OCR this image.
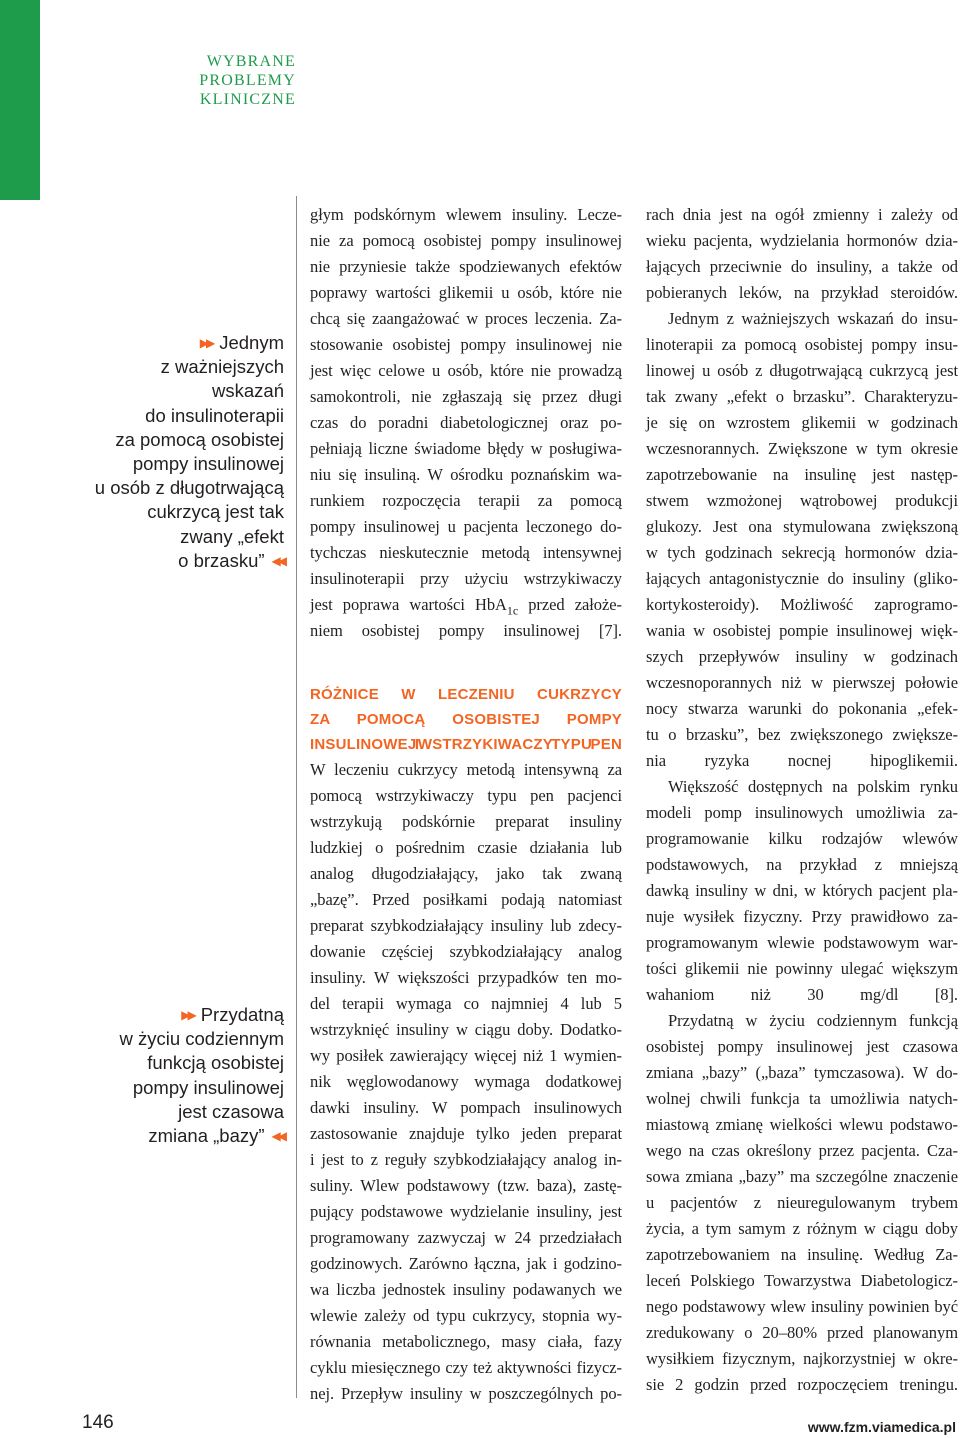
WYBRANE
PROBLEMY
KLINICZNE
▶▶ Jednym
z ważniejszych
wskazań
do insulinoterapii
za pomocą osobistej
pompy insulinowej
u osób z długotrwającą
cukrzycą jest tak
zwany „efekt
o brzasku” ◀◀
▶▶ Przydatną
w życiu codziennym
funkcją osobistej
pompy insulinowej
jest czasowa
zmiana „bazy” ◀◀

głym podskórnym wlewem insuliny. Lecze-
nie za pomocą osobistej pompy insulinowej
nie przyniesie także spodziewanych efektów
poprawy wartości glikemii u osób, które nie
chcą się zaangażować w proces leczenia. Za-
stosowanie osobistej pompy insulinowej nie
jest więc celowe u osób, które nie prowadzą
samokontroli, nie zgłaszają się przez długi
czas do poradni diabetologicznej oraz po-
pełniają liczne świadome błędy w posługiwa-
niu się insuliną. W ośrodku poznańskim wa-
runkiem rozpoczęcia terapii za pomocą
pompy insulinowej u pacjenta leczonego do-
tychczas nieskutecznie metodą intensywnej
insulinoterapii przy użyciu wstrzykiwaczy
jest poprawa wartości HbA$_{1c}$ przed założe-
niem osobistej pompy insulinowej [7].

RÓŻNICE W LECZENIU CUKRZYCY
ZA POMOCĄ OSOBISTEJ POMPY
INSULINOWEJ I WSTRZYKIWACZY TYPU PEN

W leczeniu cukrzycy metodą intensywną za
pomocą wstrzykiwaczy typu pen pacjenci
wstrzykują podskórnie preparat insuliny
ludzkiej o pośrednim czasie działania lub
analog długodziałający, jako tak zwaną
„bazę”. Przed posiłkami podają natomiast
preparat szybkodziałający insuliny lub zdecy-
dowanie częściej szybkodziałający analog
insuliny. W większości przypadków ten mo-
del terapii wymaga co najmniej 4 lub 5
wstrzyknięć insuliny w ciągu doby. Dodatko-
wy posiłek zawierający więcej niż 1 wymien-
nik węglowodanowy wymaga dodatkowej
dawki insuliny. W pompach insulinowych
zastosowanie znajduje tylko jeden preparat
i jest to z reguły szybkodziałający analog in-
suliny. Wlew podstawowy (tzw. baza), zastę-
pujący podstawowe wydzielanie insuliny, jest
programowany zazwyczaj w 24 przedziałach
godzinowych. Zarówno łączna, jak i godzino-
wa liczba jednostek insuliny podawanych we
wlewie zależy od typu cukrzycy, stopnia wy-
równania metabolicznego, masy ciała, fazy
cyklu miesięcznego czy też aktywności fizycz-
nej. Przepływ insuliny w poszczególnych po-

rach dnia jest na ogół zmienny i zależy od
wieku pacjenta, wydzielania hormonów dzia-
łających przeciwnie do insuliny, a także od
pobieranych leków, na przykład steroidów.

Jednym z ważniejszych wskazań do insu-
linoterapii za pomocą osobistej pompy insu-
linowej u osób z długotrwającą cukrzycą jest
tak zwany „efekt o brzasku”. Charakteryzu-
je się on wzrostem glikemii w godzinach
wczesnorannych. Zwiększone w tym okresie
zapotrzebowanie na insulinę jest następ-
stwem wzmożonej wątrobowej produkcji
glukozy. Jest ona stymulowana zwiększoną
w tych godzinach sekrecją hormonów dzia-
łających antagonistycznie do insuliny (gliko-
kortykosteroidy). Możliwość zaprogramo-
wania w osobistej pompie insulinowej więk-
szych przepływów insuliny w godzinach
wczesnoporannych niż w pierwszej połowie
nocy stwarza warunki do pokonania „efek-
tu o brzasku”, bez zwiększonego zwiększe-
nia ryzyka nocnej hipoglikemii.

Większość dostępnych na polskim rynku
modeli pomp insulinowych umożliwia za-
programowanie kilku rodzajów wlewów
podstawowych, na przykład z mniejszą
dawką insuliny w dni, w których pacjent pla-
nuje wysiłek fizyczny. Przy prawidłowo za-
programowanym wlewie podstawowym war-
tości glikemii nie powinny ulegać większym
wahaniom niż 30 mg/dl [8].

Przydatną w życiu codziennym funkcją
osobistej pompy insulinowej jest czasowa
zmiana „bazy” („baza” tymczasowa). W do-
wolnej chwili funkcja ta umożliwia natych-
miastową zmianę wielkości wlewu podstawo-
wego na czas określony przez pacjenta. Cza-
sowa zmiana „bazy” ma szczególne znaczenie
u pacjentów z nieuregulowanym trybem
życia, a tym samym z różnym w ciągu doby
zapotrzebowaniem na insulinę. Według Za-
leceń Polskiego Towarzystwa Diabetologicz-
nego podstawowy wlew insuliny powinien być
zredukowany o 20–80% przed planowanym
wysiłkiem fizycznym, najkorzystniej w okre-
sie 2 godzin przed rozpoczęciem treningu.

146	www.fzm.viamedica.pl
